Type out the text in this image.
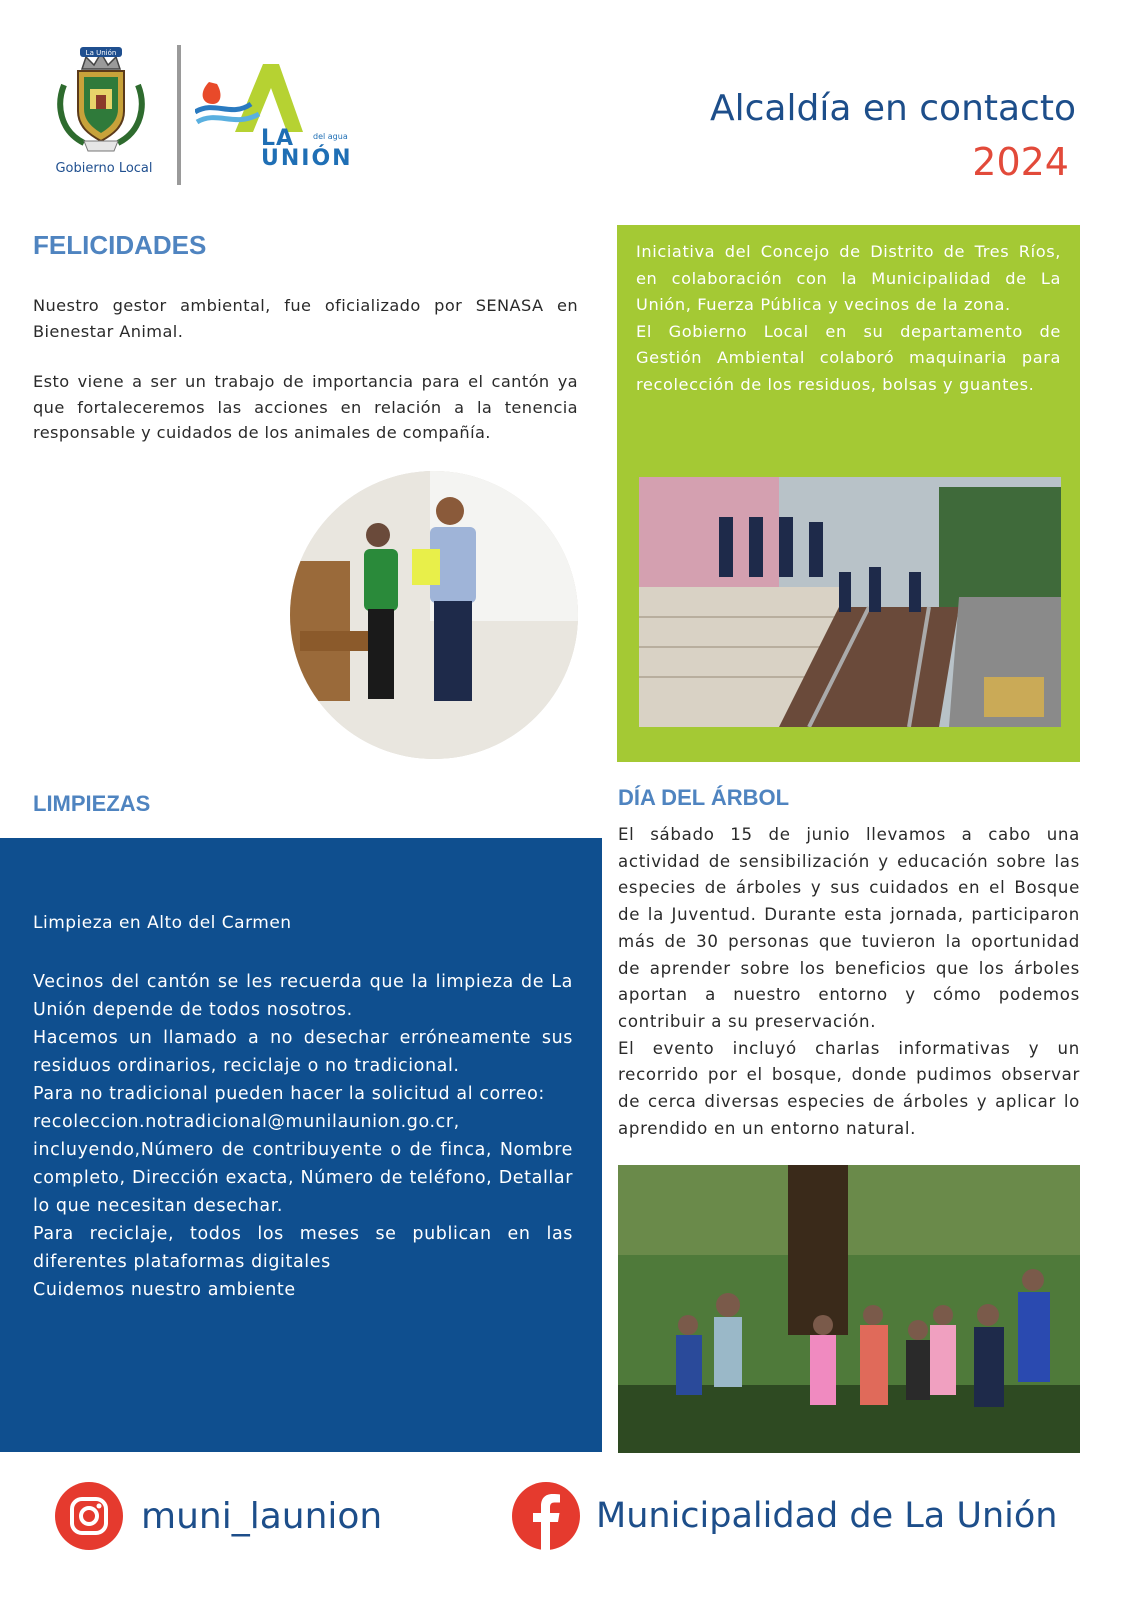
La Unión
Gobierno Local
del agua
LA
UNIÓN
Alcaldía en contacto
2024
FELICIDADES
Nuestro gestor ambiental, fue oficializado por SENASA en Bienestar Animal.
Esto viene a ser un trabajo de importancia para el cantón ya que fortaleceremos las acciones en relación a la tenencia responsable y cuidados de los animales de compañía.
Iniciativa del Concejo de Distrito de Tres Ríos, en colaboración con la Municipalidad de La Unión, Fuerza Pública y vecinos de la zona.
El Gobierno Local en su departamento de Gestión Ambiental colaboró maquinaria para recolección de los residuos, bolsas y guantes.
LIMPIEZAS
Limpieza en Alto del Carmen
Vecinos del cantón se les recuerda que la limpieza de La Unión depende de todos nosotros.
Hacemos un llamado a no desechar erróneamente sus residuos ordinarios, reciclaje o no tradicional.
Para no tradicional pueden hacer la solicitud al correo:
recoleccion.notradicional@munilaunion.go.cr, incluyendo,Número de contribuyente o de finca, Nombre completo, Dirección exacta, Número de teléfono, Detallar lo que necesitan desechar.
Para reciclaje, todos los meses se publican en las diferentes plataformas digitales
Cuidemos nuestro ambiente
DÍA DEL ÁRBOL
El sábado 15 de junio llevamos a cabo una actividad de sensibilización y educación sobre las especies de árboles y sus cuidados en el Bosque de la Juventud. Durante esta jornada, participaron más de 30 personas que tuvieron la oportunidad de aprender sobre los beneficios que los árboles aportan a nuestro entorno y cómo podemos contribuir a su preservación.
El evento incluyó charlas informativas y un recorrido por el bosque, donde pudimos observar de cerca diversas especies de árboles y aplicar lo aprendido en un entorno natural.
muni_launion	Municipalidad de La Unión
